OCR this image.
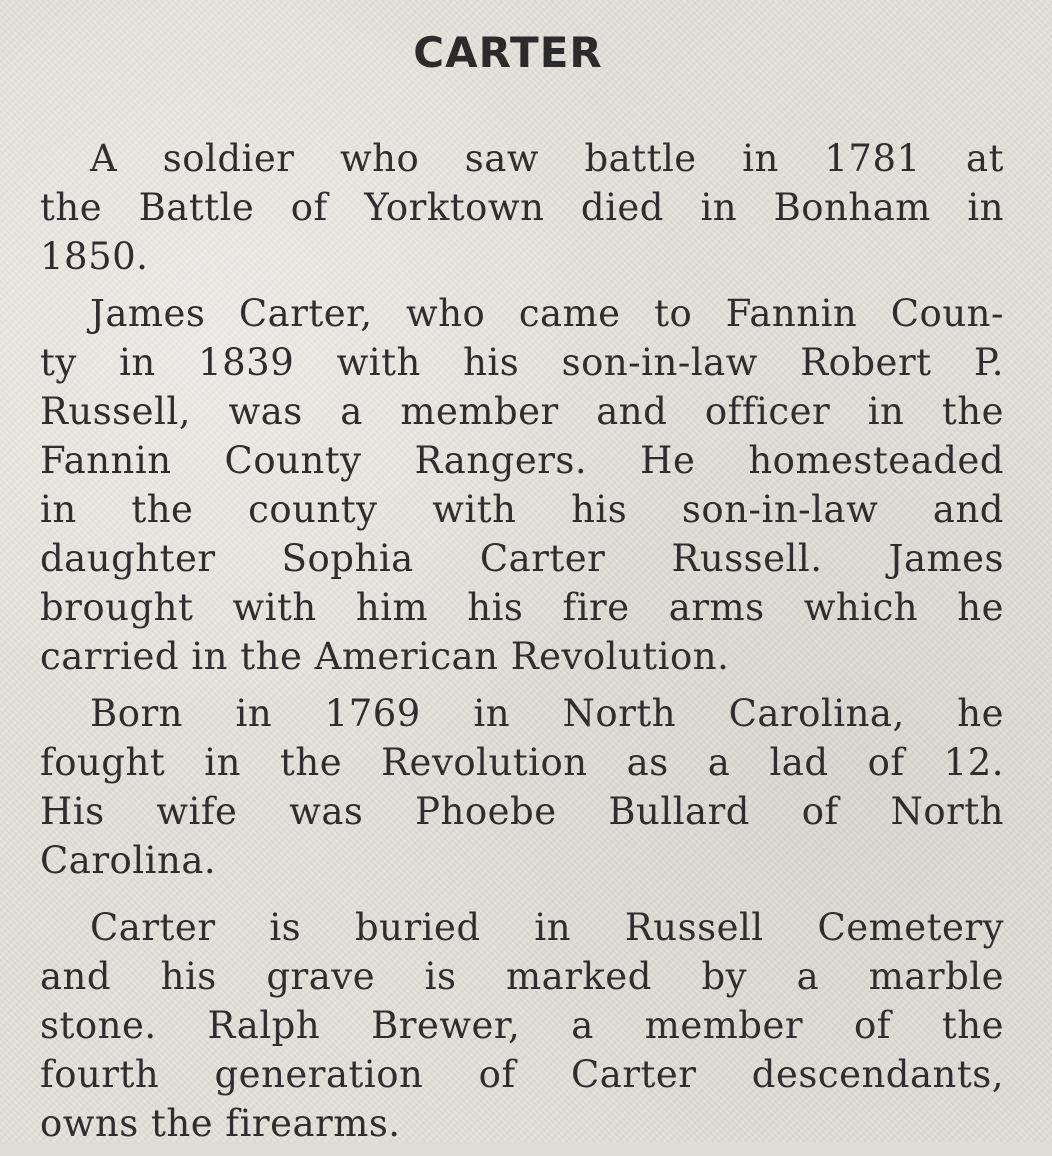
CARTER
A soldier who saw battle in 1781 at
the Battle of Yorktown died in Bonham in
1850.
James Carter, who came to Fannin Coun-
ty in 1839 with his son-in-law Robert P.
Russell, was a member and officer in the
Fannin County Rangers. He homesteaded
in the county with his son-in-law and
daughter Sophia Carter Russell. James
brought with him his fire arms which he
carried in the American Revolution.
Born in 1769 in North Carolina, he
fought in the Revolution as a lad of 12.
His wife was Phoebe Bullard of North
Carolina.
Carter is buried in Russell Cemetery
and his grave is marked by a marble
stone. Ralph Brewer, a member of the
fourth generation of Carter descendants,
owns the firearms.
